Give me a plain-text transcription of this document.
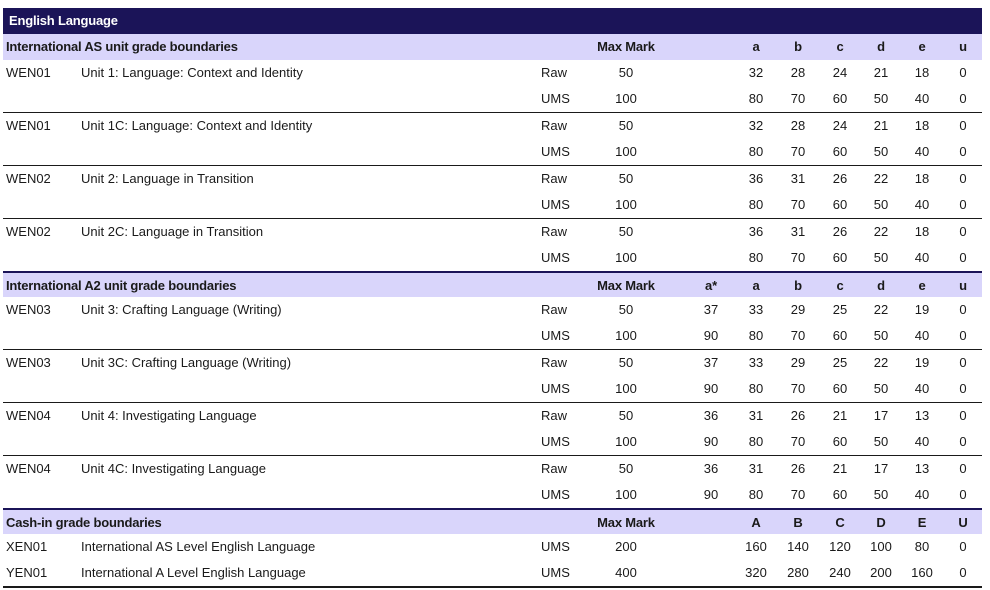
English Language
International AS unit grade boundaries	Max Mark	a	b	c	d	e	u
WEN01 Unit 1: Language: Context and Identity	Raw	50	32	28	24	21	18	0
UMS	100	80	70	60	50	40	0
WEN01 Unit 1C: Language: Context and Identity	Raw	50	32	28	24	21	18	0
UMS	100	80	70	60	50	40	0
WEN02 Unit 2: Language in Transition	Raw	50	36	31	26	22	18	0
UMS	100	80	70	60	50	40	0
WEN02 Unit 2C: Language in Transition	Raw	50	36	31	26	22	18	0
UMS	100	80	70	60	50	40	0
International A2 unit grade boundaries	Max Mark	a*	a	b	c	d	e	u
WEN03 Unit 3: Crafting Language (Writing)	Raw	50	37	33	29	25	22	19	0
UMS	100	90	80	70	60	50	40	0
WEN03 Unit 3C: Crafting Language (Writing)	Raw	50	37	33	29	25	22	19	0
UMS	100	90	80	70	60	50	40	0
WEN04 Unit 4: Investigating Language	Raw	50	36	31	26	21	17	13	0
UMS	100	90	80	70	60	50	40	0
WEN04 Unit 4C: Investigating Language	Raw	50	36	31	26	21	17	13	0
UMS	100	90	80	70	60	50	40	0
Cash-in grade boundaries	Max Mark	A	B	C	D	E	U
XEN01	International AS Level English Language	UMS	200	160	140	120	100	80	0
YEN01	International A Level English Language	UMS	400	320	280	240	200	160	0
